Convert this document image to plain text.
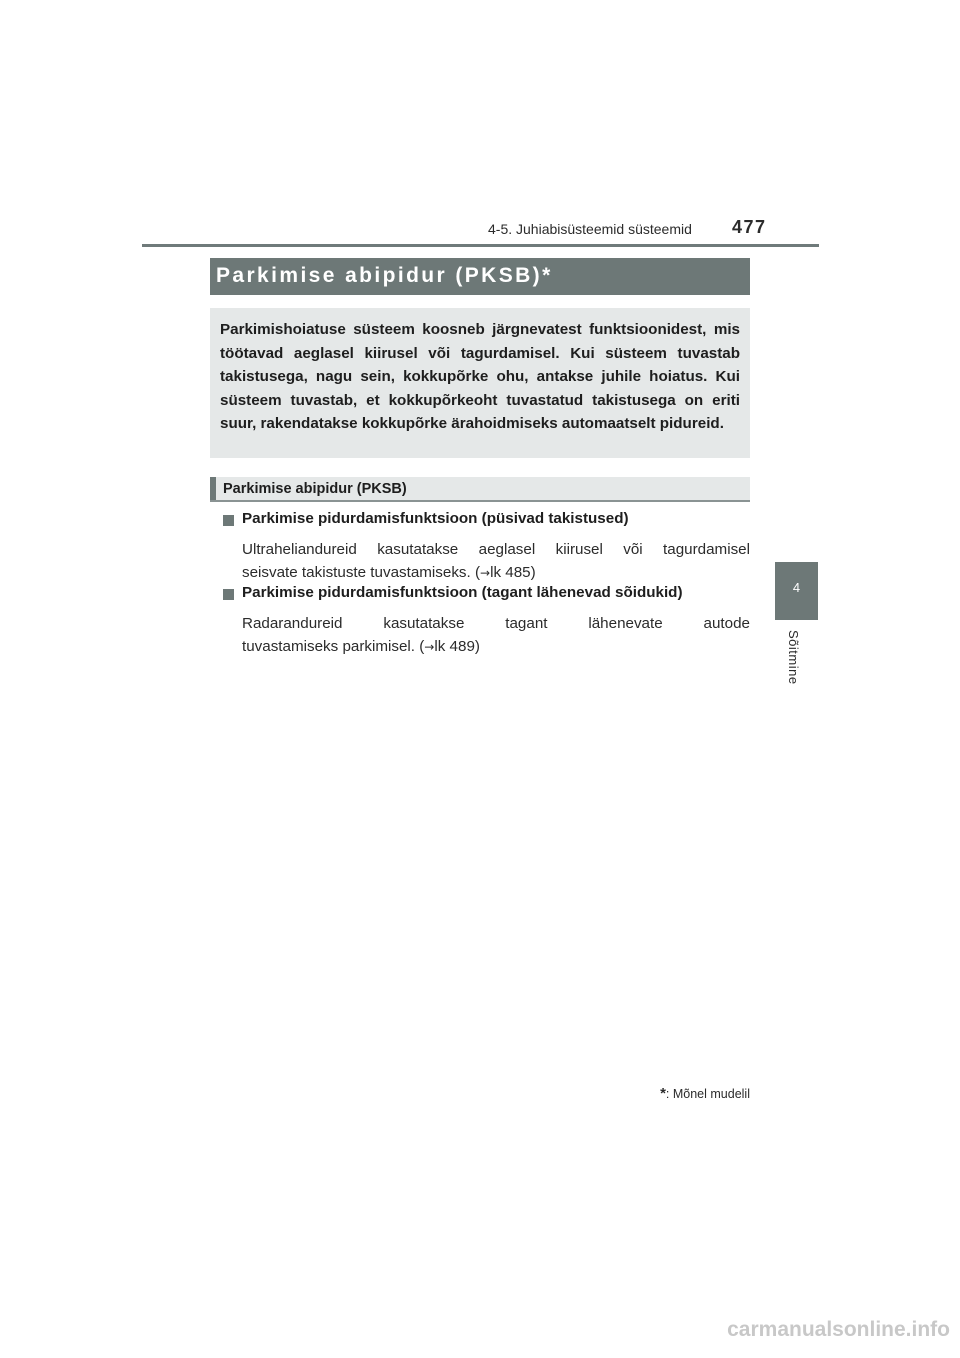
4-5. Juhiabisüsteemid süsteemid 477
4
Sõitmine
Parkimise abipidur (PKSB)*

Parkimishoiatuse süsteem koosneb järgnevatest funktsioonidest, mis töötavad aeglasel kiirusel või tagurdamisel. Kui süsteem tuvastab takistusega, nagu sein, kokkupõrke ohu, antakse juhile hoiatus. Kui süsteem tuvastab, et kokkupõrkeoht tuvastatud takistusega on eriti suur, rakendatakse kokkupõrke ärahoidmiseks automaatselt pidureid.

Parkimise abipidur (PKSB)
Parkimise pidurdamisfunktsioon (püsivad takistused)
Ultraheliandureid kasutatakse aeglasel kiirusel või tagurdamisel
seisvate takistuste tuvastamiseks. (→lk 485)
Parkimise pidurdamisfunktsioon (tagant lähenevad sõidukid)
Radarandureid kasutatakse tagant lähenevate autode
tuvastamiseks parkimisel. (→lk 489)
*: Mõnel mudelil
carmanualsonline.info
